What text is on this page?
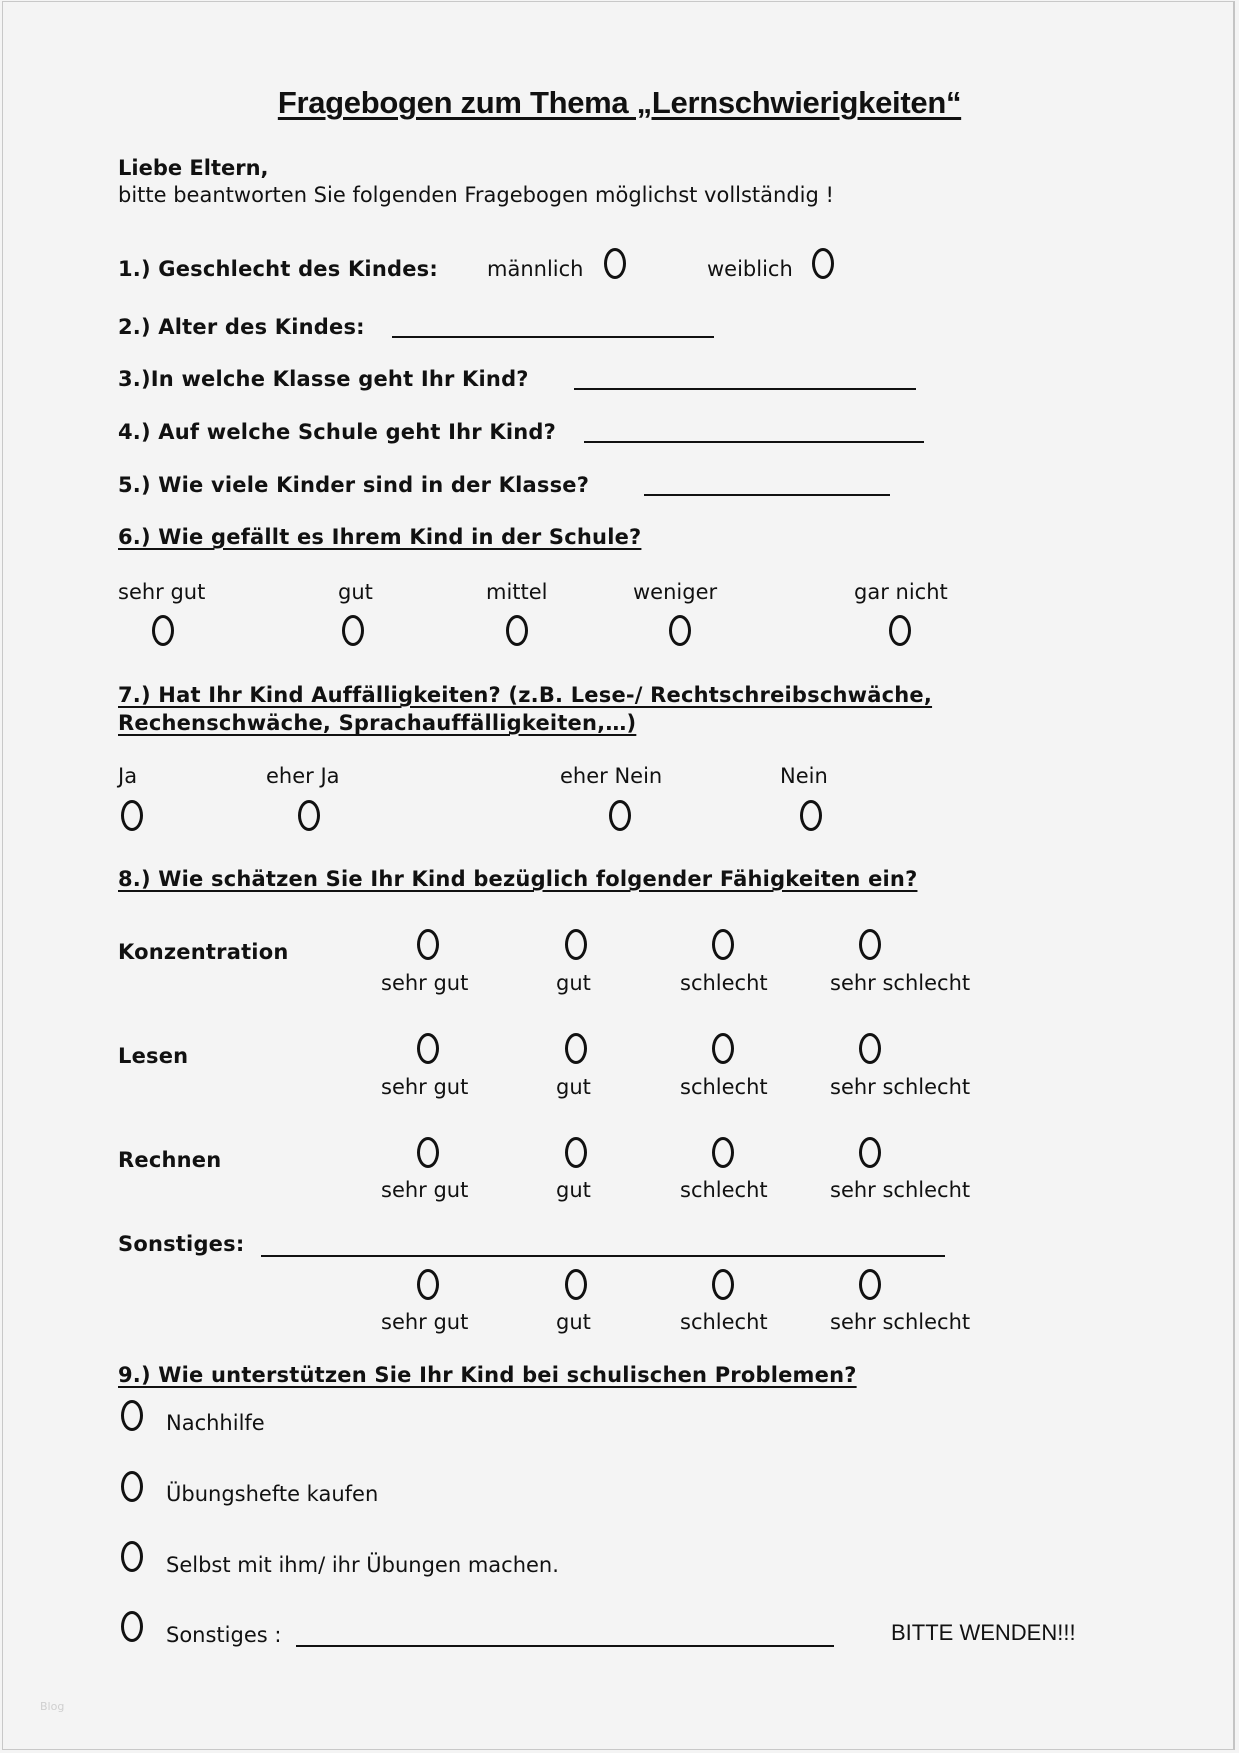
Fragebogen zum Thema „Lernschwierigkeiten“
Liebe Eltern,
bitte beantworten Sie folgenden Fragebogen möglichst vollständig !
1.) Geschlecht des Kindes: männlich	weiblich
2.) Alter des Kindes:
3.)In welche Klasse geht Ihr Kind?
4.) Auf welche Schule geht Ihr Kind?
5.) Wie viele Kinder sind in der Klasse?
6.) Wie gefällt es Ihrem Kind in der Schule?
sehr gut	gut	mittel	weniger	gar nicht
7.) Hat Ihr Kind Auffälligkeiten? (z.B. Lese-/ Rechtschreibschwäche,
Rechenschwäche, Sprachauffälligkeiten,…)
Ja	eher Ja	eher Nein	Nein
8.) Wie schätzen Sie Ihr Kind bezüglich folgender Fähigkeiten ein?
Konzentration
sehr gut	gut	schlecht	sehr schlecht
Lesen
sehr gut	gut	schlecht	sehr schlecht
Rechnen
sehr gut	gut	schlecht	sehr schlecht
Sonstiges:
sehr gut	gut	schlecht	sehr schlecht
9.) Wie unterstützen Sie Ihr Kind bei schulischen Problemen?
Nachhilfe
Übungshefte kaufen
Selbst mit ihm/ ihr Übungen machen.
Sonstiges :	BITTE WENDEN!!!
Blog
